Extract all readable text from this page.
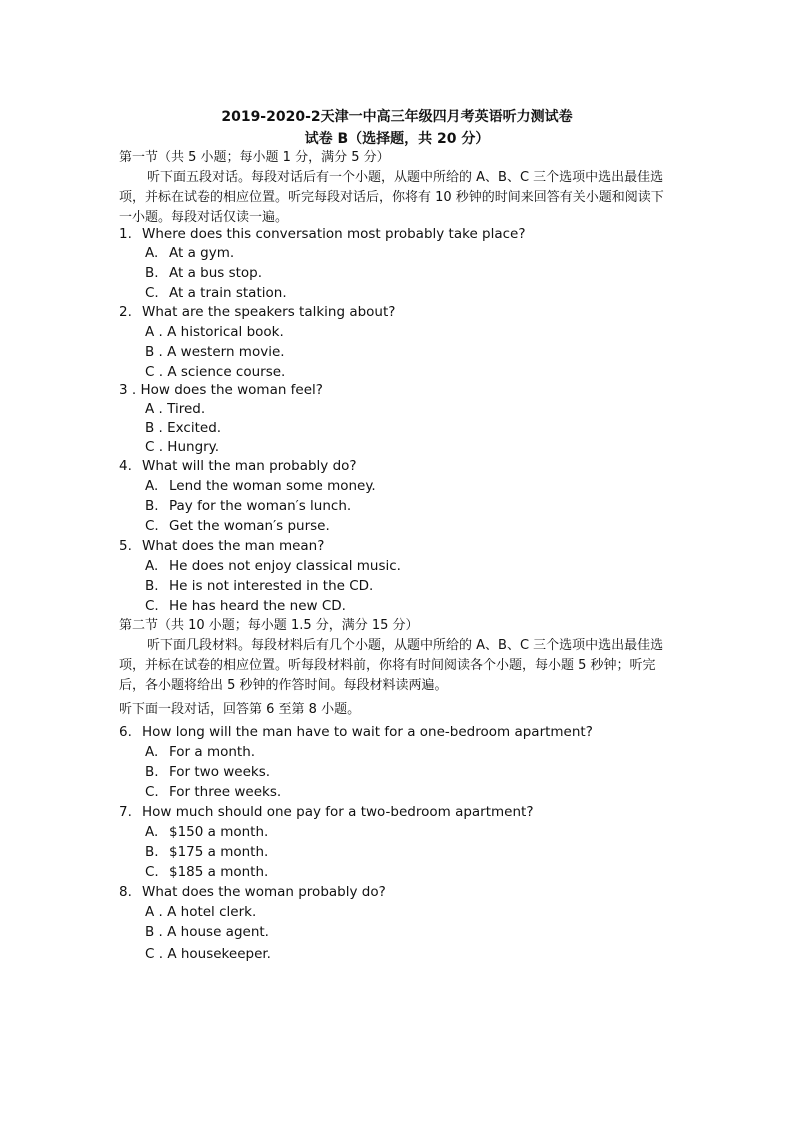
2019-2020-2天津一中高三年级四月考英语听力测试卷
试卷 B（选择题，共 20 分）
第一节（共 5 小题；每小题 1 分，满分 5 分）
听下面五段对话。每段对话后有一个小题，从题中所给的 A、B、C 三个选项中选出最佳选项，并标在试卷的相应位置。听完每段对话后，你将有 10 秒钟的时间来回答有关小题和阅读下一小题。每段对话仅读一遍。
1. Where does this conversation most probably take place?
A. At a gym.
B. At a bus stop.
C. At a train station.
2. What are the speakers talking about?
A . A historical book.
B . A western movie.
C . A science course.
3 . How does the woman feel?
A . Tired.
B . Excited.
C . Hungry.
4. What will the man probably do?
A. Lend the woman some money.
B. Pay for the woman′s lunch.
C. Get the woman′s purse.
5. What does the man mean?
A. He does not enjoy classical music.
B. He is not interested in the CD.
C. He has heard the new CD.
第二节（共 10 小题；每小题 1.5 分，满分 15 分）
听下面几段材料。每段材料后有几个小题，从题中所给的 A、B、C 三个选项中选出最佳选项，并标在试卷的相应位置。听每段材料前，你将有时间阅读各个小题，每小题 5 秒钟；听完后，各小题将给出 5 秒钟的作答时间。每段材料读两遍。
听下面一段对话，回答第 6 至第 8 小题。
6. How long will the man have to wait for a one-bedroom apartment?
A. For a month.
B. For two weeks.
C. For three weeks.
7. How much should one pay for a two-bedroom apartment?
A. $150 a month.
B. $175 a month.
C. $185 a month.
8. What does the woman probably do?
A . A hotel clerk.
B . A house agent.
C . A housekeeper.
